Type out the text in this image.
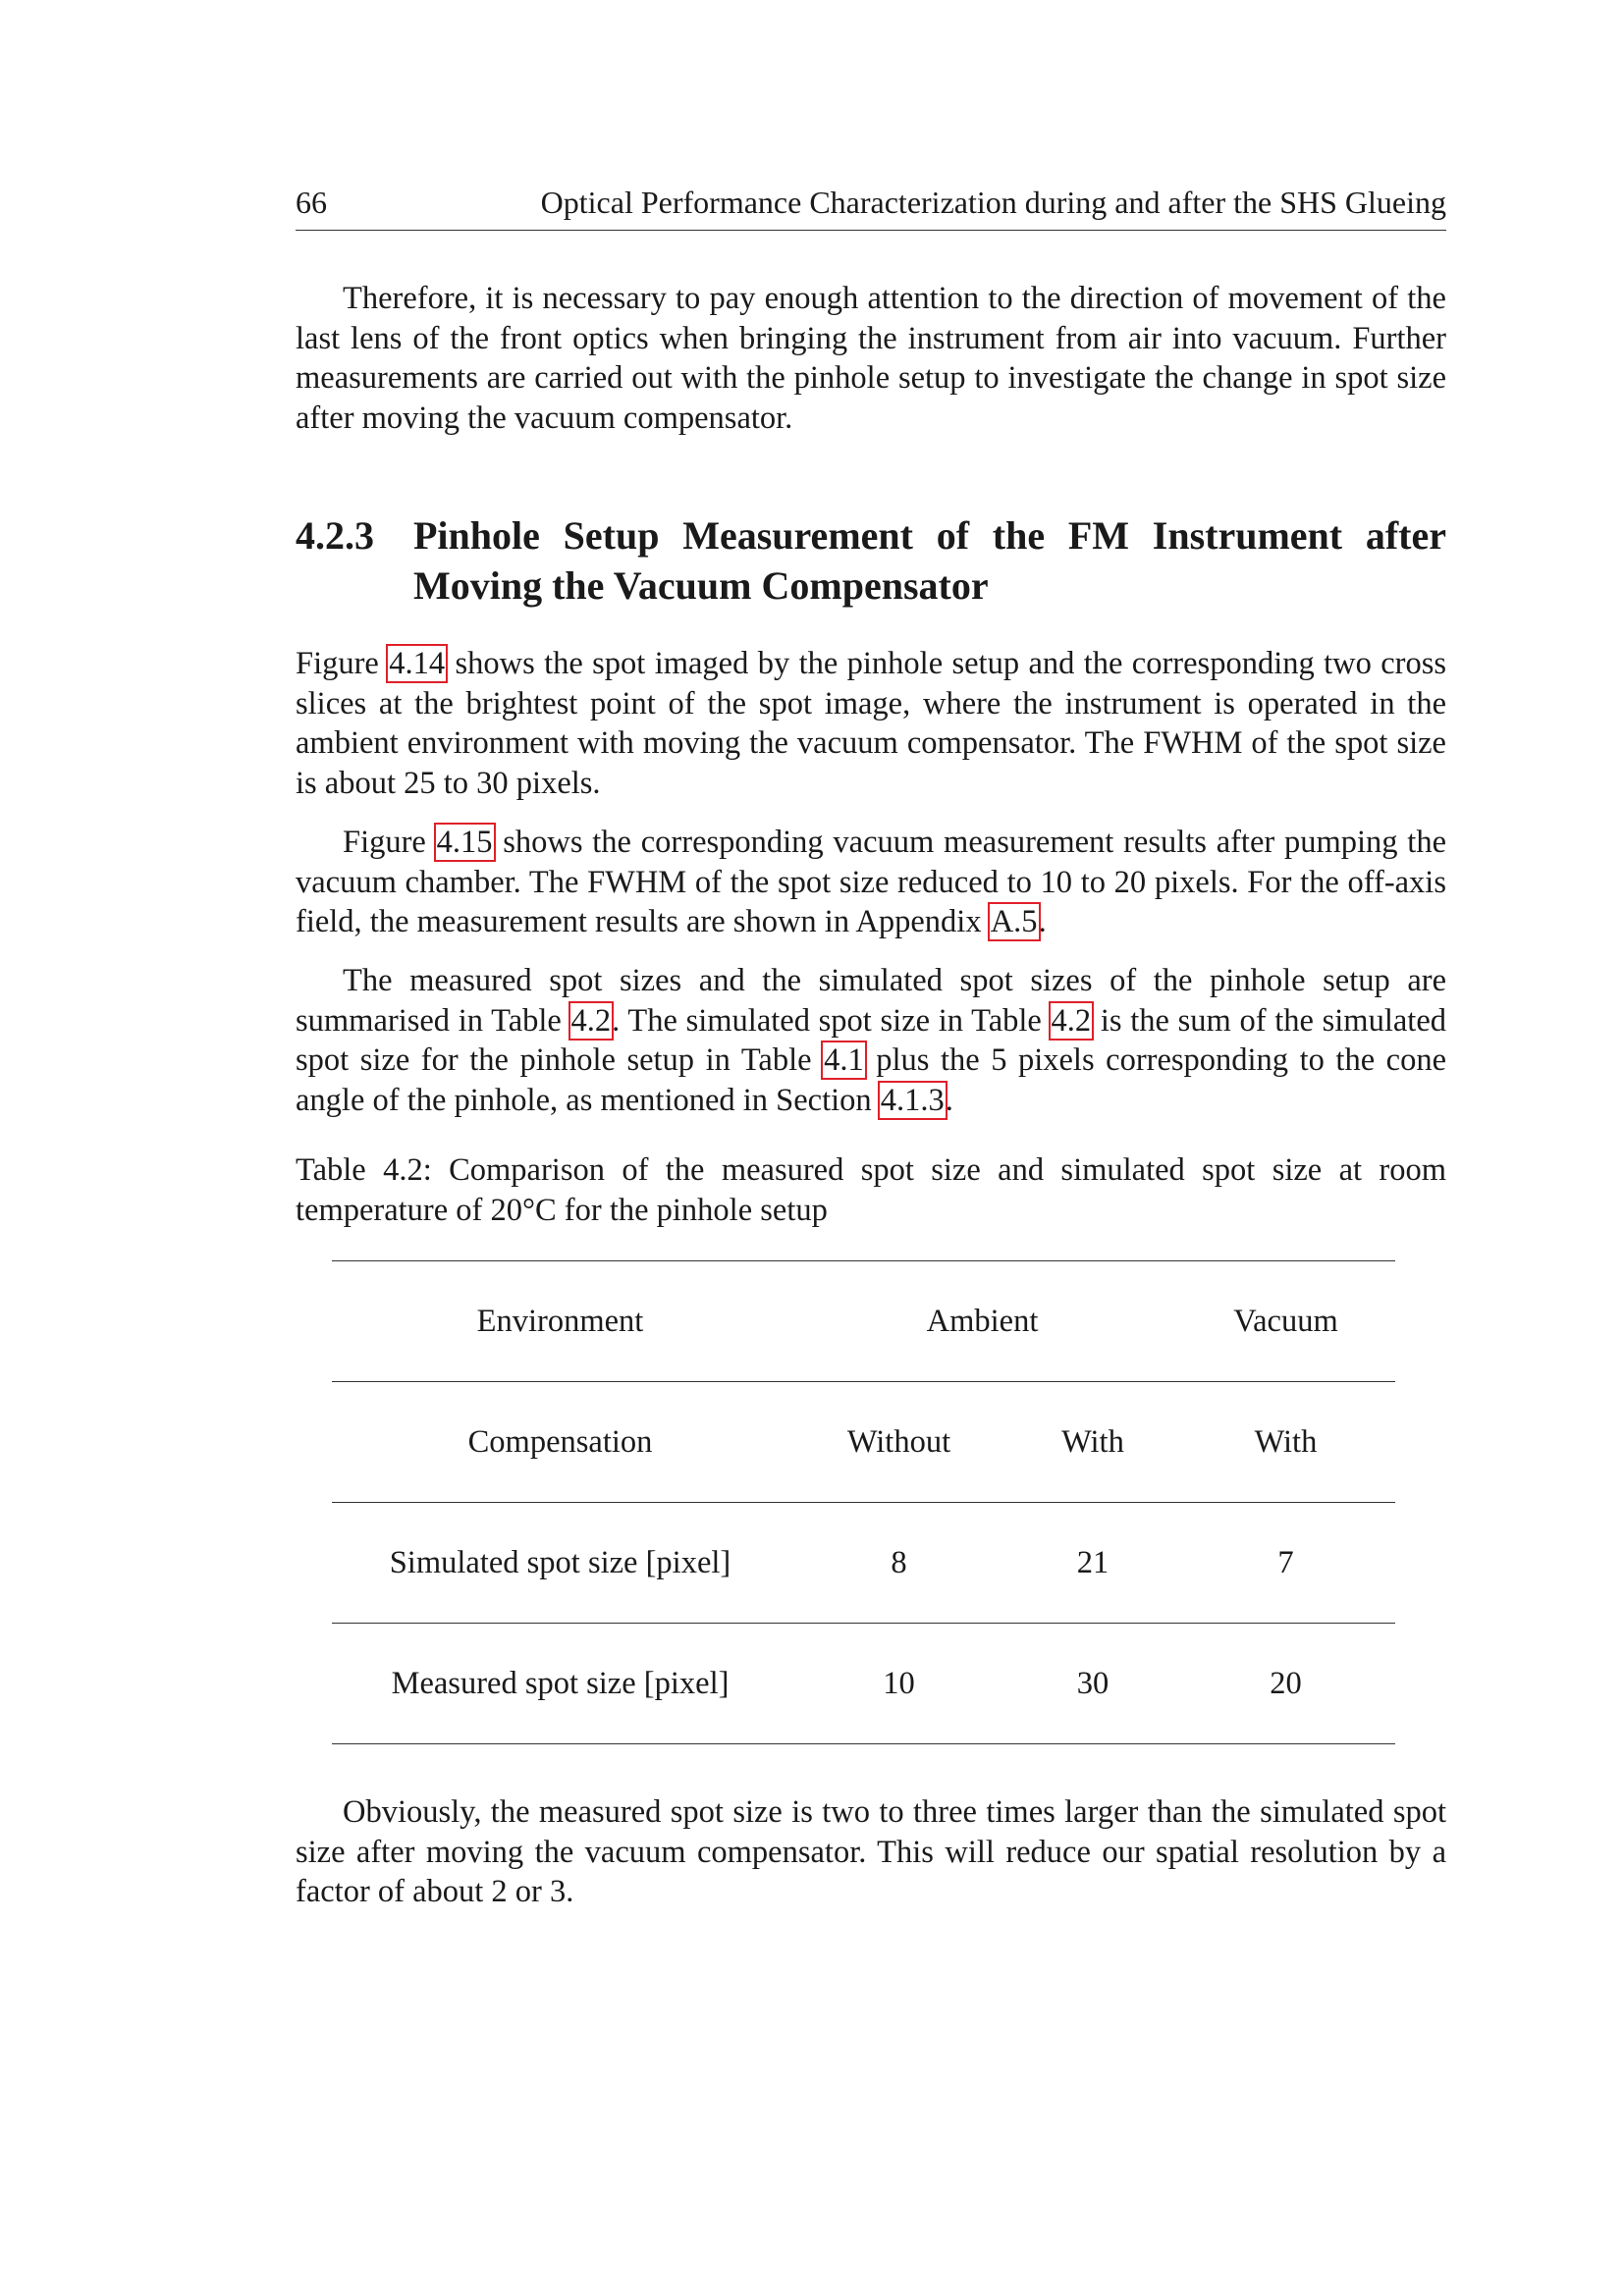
66	Optical Performance Characterization during and after the SHS Glueing

Therefore, it is necessary to pay enough attention to the direction of movement of the last lens of the front optics when bringing the instrument from air into vacuum. Further measurements are carried out with the pinhole setup to investigate the change in spot size after moving the vacuum compensator.

4.2.3 Pinhole Setup Measurement of the FM Instrument after Moving the Vacuum Compensator

Figure 4.14 shows the spot imaged by the pinhole setup and the corresponding two cross slices at the brightest point of the spot image, where the instrument is operated in the ambient environment with moving the vacuum compensator. The FWHM of the spot size is about 25 to 30 pixels.

Figure 4.15 shows the corresponding vacuum measurement results after pumping the vacuum chamber. The FWHM of the spot size reduced to 10 to 20 pixels. For the off-axis field, the measurement results are shown in Appendix A.5.

The measured spot sizes and the simulated spot sizes of the pinhole setup are summarised in Table 4.2. The simulated spot size in Table 4.2 is the sum of the simulated spot size for the pinhole setup in Table 4.1 plus the 5 pixels corresponding to the cone angle of the pinhole, as mentioned in Section 4.1.3.

Table 4.2: Comparison of the measured spot size and simulated spot size at room temperature of 20°C for the pinhole setup
Environment	Ambient		Vacuum
Compensation	Without	With	With
Simulated spot size [pixel]	8	21	7
Measured spot size [pixel]	10	30	20

Obviously, the measured spot size is two to three times larger than the simulated spot size after moving the vacuum compensator. This will reduce our spatial resolution by a factor of about 2 or 3.
